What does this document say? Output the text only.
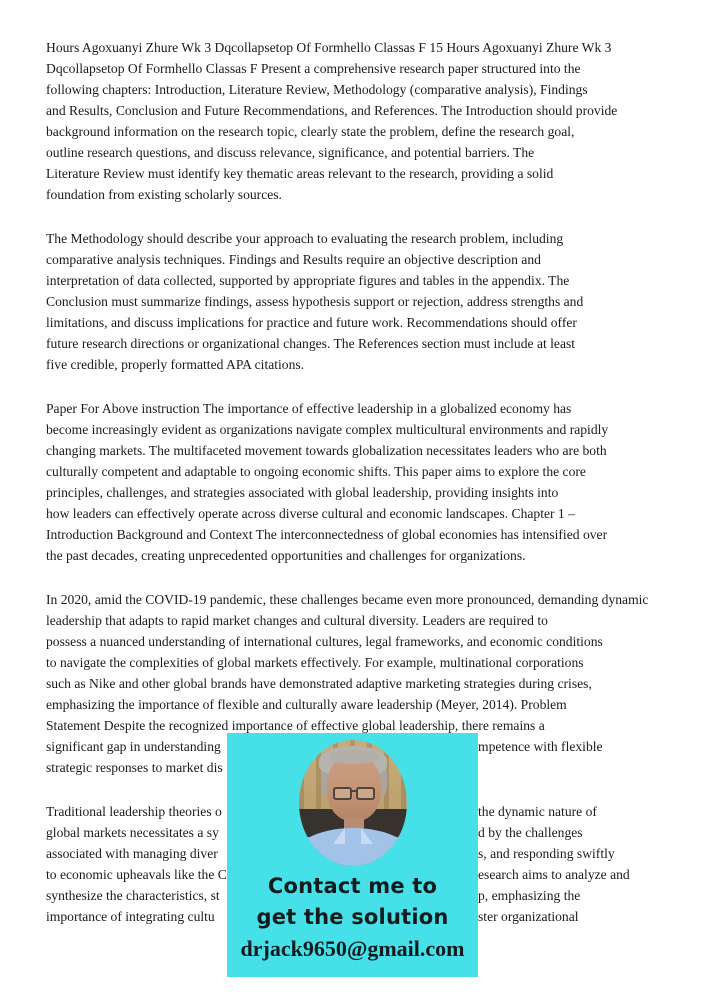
Hours Agoxuanyi Zhure Wk 3 Dqcollapsetop Of Formhello Classas F 15 Hours Agoxuanyi Zhure Wk 3
Dqcollapsetop Of Formhello Classas F Present a comprehensive research paper structured into the
following chapters: Introduction, Literature Review, Methodology (comparative analysis), Findings
and Results, Conclusion and Future Recommendations, and References. The Introduction should provide
background information on the research topic, clearly state the problem, define the research goal,
outline research questions, and discuss relevance, significance, and potential barriers. The
Literature Review must identify key thematic areas relevant to the research, providing a solid
foundation from existing scholarly sources.
The Methodology should describe your approach to evaluating the research problem, including
comparative analysis techniques. Findings and Results require an objective description and
interpretation of data collected, supported by appropriate figures and tables in the appendix. The
Conclusion must summarize findings, assess hypothesis support or rejection, address strengths and
limitations, and discuss implications for practice and future work. Recommendations should offer
future research directions or organizational changes. The References section must include at least
five credible, properly formatted APA citations.
Paper For Above instruction The importance of effective leadership in a globalized economy has
become increasingly evident as organizations navigate complex multicultural environments and rapidly
changing markets. The multifaceted movement towards globalization necessitates leaders who are both
culturally competent and adaptable to ongoing economic shifts. This paper aims to explore the core
principles, challenges, and strategies associated with global leadership, providing insights into
how leaders can effectively operate across diverse cultural and economic landscapes. Chapter 1 –
Introduction Background and Context The interconnectedness of global economies has intensified over
the past decades, creating unprecedented opportunities and challenges for organizations.
In 2020, amid the COVID-19 pandemic, these challenges became even more pronounced, demanding dynamic
leadership that adapts to rapid market changes and cultural diversity. Leaders are required to
possess a nuanced understanding of international cultures, legal frameworks, and economic conditions
to navigate the complexities of global markets effectively. For example, multinational corporations
such as Nike and other global brands have demonstrated adaptive marketing strategies during crises,
emphasizing the importance of flexible and culturally aware leadership (Meyer, 2014). Problem
Statement Despite the recognized importance of effective global leadership, there remains a
significant gap in understanding	mpetence with flexible
strategic responses to market dis
Traditional leadership theories o	the dynamic nature of
global markets necessitates a sy	d by the challenges
associated with managing diver	s, and responding swiftly
to economic upheavals like the C	esearch aims to analyze and
synthesize the characteristics, st	p, emphasizing the
importance of integrating cultu	ster organizational
Contact me to
get the solution
drjack9650@gmail.com
